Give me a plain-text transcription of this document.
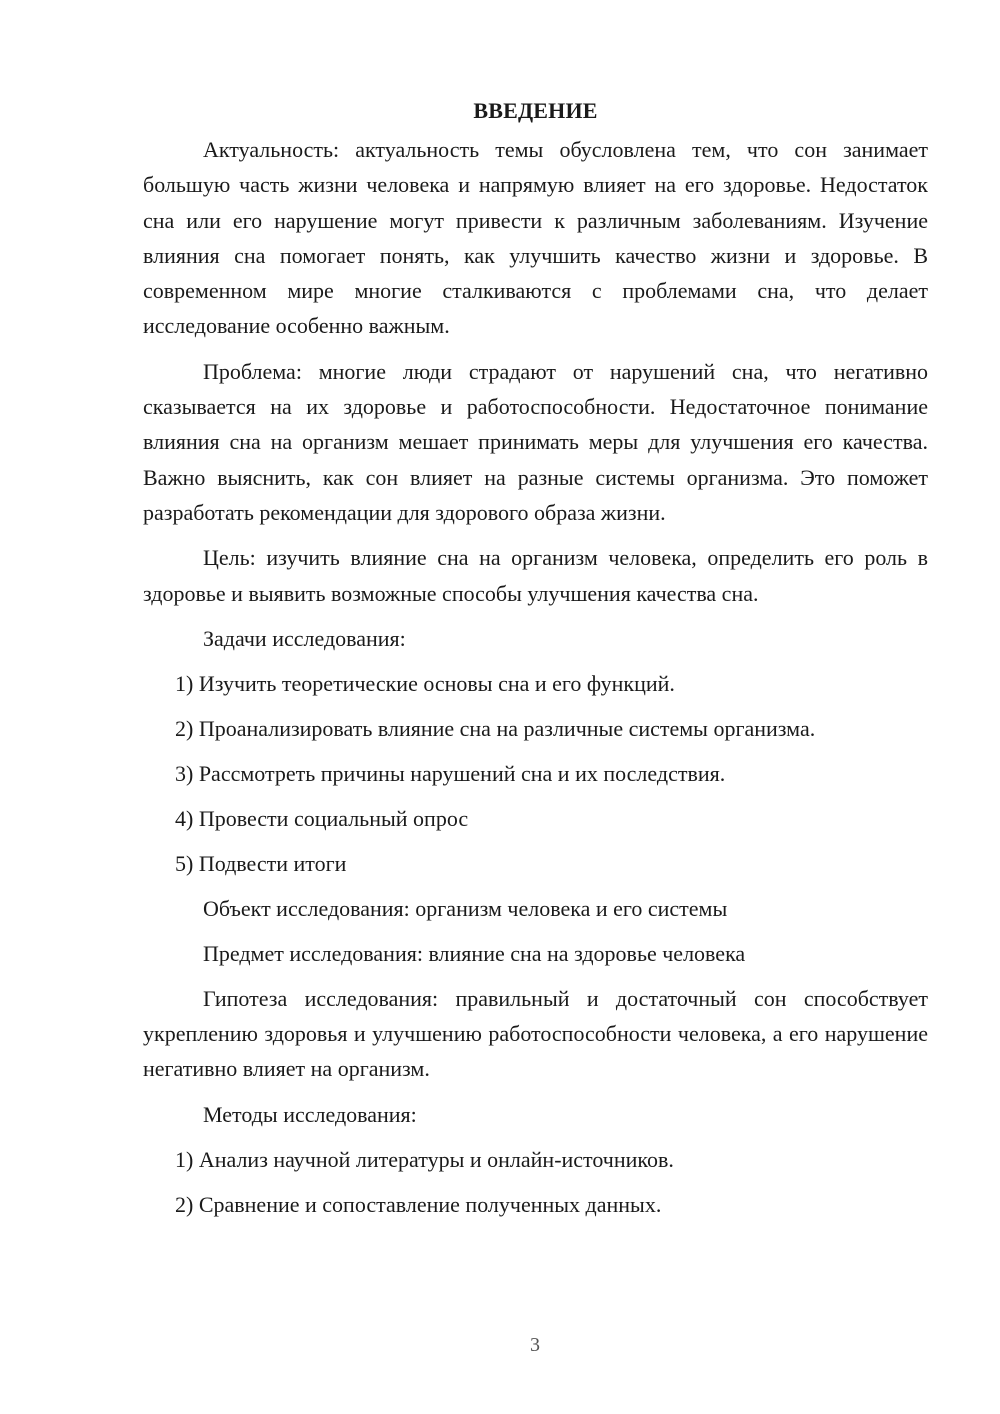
ВВЕДЕНИЕ

Актуальность: актуальность темы обусловлена тем, что сон занимает большую часть жизни человека и напрямую влияет на его здоровье. Недостаток сна или его нарушение могут привести к различным заболеваниям. Изучение влияния сна помогает понять, как улучшить качество жизни и здоровье. В современном мире многие сталкиваются с проблемами сна, что делает исследование особенно важным.

Проблема: многие люди страдают от нарушений сна, что негативно сказывается на их здоровье и работоспособности. Недостаточное понимание влияния сна на организм мешает принимать меры для улучшения его качества. Важно выяснить, как сон влияет на разные системы организма. Это поможет разработать рекомендации для здорового образа жизни.

Цель: изучить влияние сна на организм человека, определить его роль в здоровье и выявить возможные способы улучшения качества сна.

Задачи исследования:
1) Изучить теоретические основы сна и его функций.
2) Проанализировать влияние сна на различные системы организма.
3) Рассмотреть причины нарушений сна и их последствия.
4) Провести социальный опрос
5) Подвести итоги
Объект исследования: организм человека и его системы
Предмет исследования: влияние сна на здоровье человека

Гипотеза исследования: правильный и достаточный сон способствует укреплению здоровья и улучшению работоспособности человека, а его нарушение негативно влияет на организм.

Методы исследования:
1) Анализ научной литературы и онлайн-источников.
2) Сравнение и сопоставление полученных данных.
3
